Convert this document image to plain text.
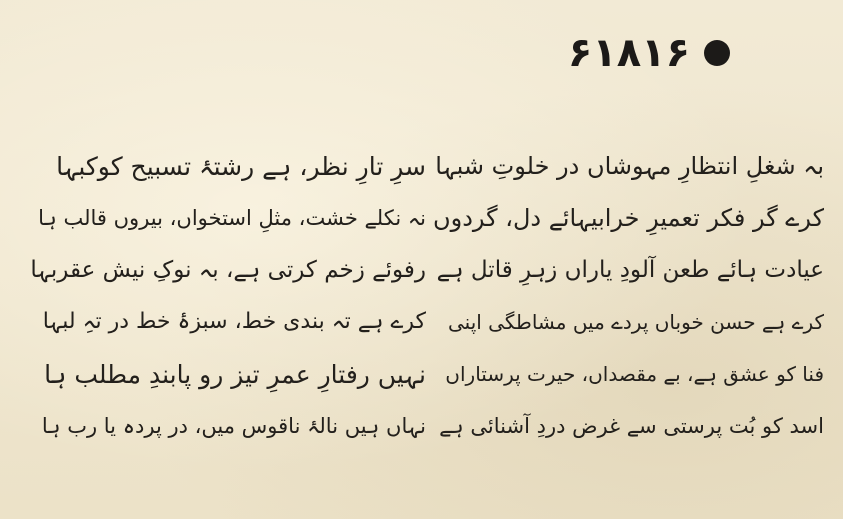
۶۱۸۱۶
بہ شغلِ انتظارِ مہوشاں در خلوتِ شبہا
کرے گر فکر تعمیرِ خرابیہائے دل، گردوں
عیادت ہائے طعن آلودِ یاراں زہرِ قاتل ہے
کرے ہے حسن خوباں پردے میں مشاطگی اپنی
فنا کو عشق ہے، بے مقصداں، حیرت پرستاراں
اسد کو بُت پرستی سے غرض دردِ آشنائی ہے
سرِ تارِ نظر، ہے رشتۂ تسبیح کوکبہا
نہ نکلے خشت، مثلِ استخواں، بیروں قالب ہا
رفوئے زخم کرتی ہے، بہ نوکِ نیش عقربہا
کرے ہے تہ بندی خط، سبزۂ خط در تہِ لبہا
نہیں رفتارِ عمرِ تیز رو پابندِ مطلب ہا
نہاں ہیں نالۂ ناقوس میں، در پردہ یا رب ہا
